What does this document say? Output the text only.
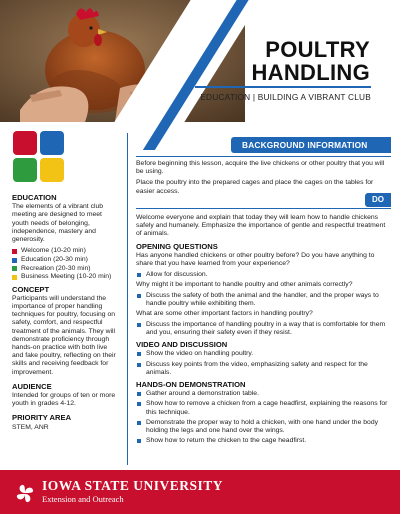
POULTRY
HANDLING
EDUCATION | BUILDING A VIBRANT CLUB
EDUCATION

The elements of a vibrant club meeting are designed to meet youth needs of belonging, independence, mastery and generosity.

Welcome (10-20 min)
Education (20-30 min)
Recreation (20-30 min)
Business Meeting (10-20 min)
CONCEPT

Participants will understand the importance of proper handling techniques for poultry, focusing on safety, comfort, and respectful treatment of the animals. They will demonstrate proficiency through hands-on practice with both live and fake poultry, reflecting on their skills and receiving feedback for improvement.

AUDIENCE

Intended for groups of ten or more youth in grades 4-12.

PRIORITY AREA

STEM, ANR

BACKGROUND INFORMATION

Before beginning this lesson, acquire the live chickens or other poultry that you will be using.

Place the poultry into the prepared cages and place the cages on the tables for easier access.

DO

Welcome everyone and explain that today they will learn how to handle chickens safely and humanely. Emphasize the importance of gentle and respectful treatment of animals.

OPENING QUESTIONS

Has anyone handled chickens or other poultry before? Do you have anything to share that you have learned from your experience?

Allow for discussion.

Why might it be important to handle poultry and other animals correctly?

Discuss the safety of both the animal and the handler, and the proper ways to handle poultry while exhibiting them.

What are some other important factors in handling poultry?

Discuss the importance of handling poultry in a way that is comfortable for them and you, ensuring their safety even if they resist.
VIDEO AND DISCUSSION
Show the video on handling poultry.
Discuss key points from the video, emphasizing safety and respect for the animals.
HANDS-ON DEMONSTRATION
Gather around a demonstration table.
Show how to remove a chicken from a cage headfirst, explaining the reasons for this technique.
Demonstrate the proper way to hold a chicken, with one hand under the body holding the legs and one hand over the wings.
Show how to return the chicken to the cage headfirst.
IOWA STATE UNIVERSITY
Extension and Outreach
